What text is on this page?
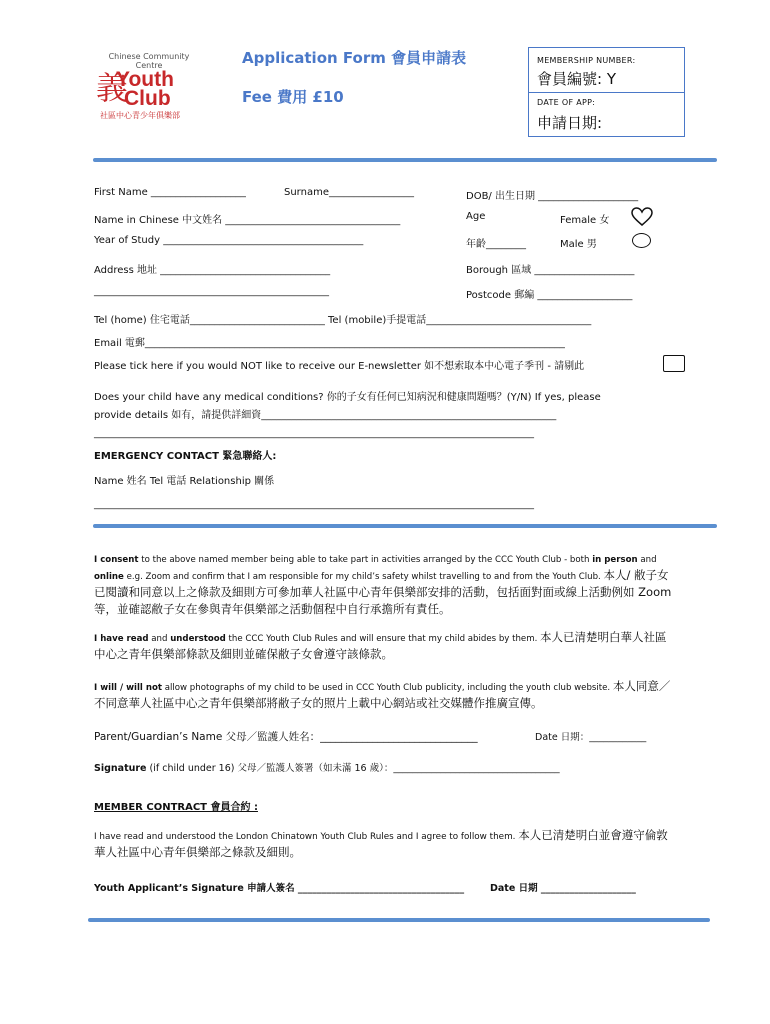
Chinese Community
Centre
義
Youth
Club
社區中心青少年俱樂部
Application Form 會員申請表
Fee 費用 £10
MEMBERSHIP NUMBER:
會員編號: Y
DATE OF APP:
申請日期:
First Name ___________________	Surname_________________	DOB/ 出生日期 ____________________
Name in Chinese 中文姓名 ___________________________________	Age	Female 女
Year of Study ________________________________________	年齡________	Male 男
Address 地址 __________________________________	Borough 區域 ____________________
_______________________________________________	Postcode 郵編 ___________________
Tel (home) 住宅電話___________________________ Tel (mobile)手提電話_________________________________
Email 電郵____________________________________________________________________________________
Please tick here if you would NOT like to receive our E-newsletter 如不想索取本中心電子季刊 - 請剔此
Does your child have any medical conditions? 你的子女有任何已知病況和健康問題嗎？(Y/N) If yes, please
provide details 如有，請提供詳細資___________________________________________________________
________________________________________________________________________________________
EMERGENCY CONTACT 緊急聯絡人:
Name 姓名 Tel 電話 Relationship 關係
________________________________________________________________________________________
I consent to the above named member being able to take part in activities arranged by the CCC Youth Club - both in person and online e.g. Zoom and confirm that I am responsible for my child’s safety whilst travelling to and from the Youth Club. 本人/ 敝子女已閱讀和同意以上之條款及細則方可參加華人社區中心青年俱樂部安排的活動，包括面對面或線上活動例如 Zoom 等，並確認敝子女在參與青年俱樂部之活動個程中自行承擔所有責任。
I have read and understood the CCC Youth Club Rules and will ensure that my child abides by them. 本人已清楚明白華人社區中心之青年俱樂部條款及細則並確保敝子女會遵守該條款。
I will / will not allow photographs of my child to be used in CCC Youth Club publicity, including the youth club website. 本人同意／不同意華人社區中心之青年俱樂部將敝子女的照片上載中心網站或社交媒體作推廣宣傳。
Parent/Guardian’s Name 父母／監護人姓名：______________________________	Date 日期：____________
Signature (if child under 16) 父母／監護人簽署（如未滿 16 歲）：___________________________________
MEMBER CONTRACT 會員合約 :
I have read and understood the London Chinatown Youth Club Rules and I agree to follow them. 本人已清楚明白並會遵守倫敦華人社區中心青年俱樂部之條款及細則。
Youth Applicant’s Signature 申請人簽名 ___________________________________	Date 日期 ____________________
